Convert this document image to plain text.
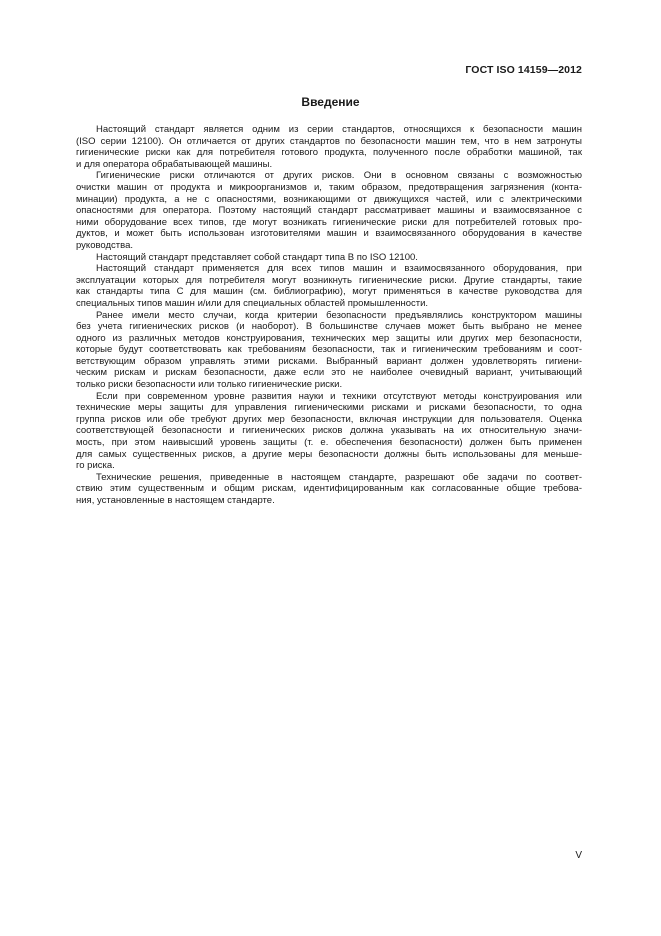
ГОСТ ISO 14159—2012
Введение
Настоящий стандарт является одним из серии стандартов, относящихся к безопасности машин
(ISO серии 12100). Он отличается от других стандартов по безопасности машин тем, что в нем затронуты
гигиенические риски как для потребителя готового продукта, полученного после обработки машиной, так
и для оператора обрабатывающей машины.
Гигиенические риски отличаются от других рисков. Они в основном связаны с возможностью
очистки машин от продукта и микроорганизмов и, таким образом, предотвращения загрязнения (конта-
минации) продукта, а не с опасностями, возникающими от движущихся частей, или с электрическими
опасностями для оператора. Поэтому настоящий стандарт рассматривает машины и взаимосвязанное с
ними оборудование всех типов, где могут возникать гигиенические риски для потребителей готовых про-
дуктов, и может быть использован изготовителями машин и взаимосвязанного оборудования в качестве
руководства.
Настоящий стандарт представляет собой стандарт типа В по ISO 12100.
Настоящий стандарт применяется для всех типов машин и взаимосвязанного оборудования, при
эксплуатации которых для потребителя могут возникнуть гигиенические риски. Другие стандарты, такие
как стандарты типа С для машин (см. библиографию), могут применяться в качестве руководства для
специальных типов машин и/или для специальных областей промышленности.
Ранее имели место случаи, когда критерии безопасности предъявлялись конструктором машины
без учета гигиенических рисков (и наоборот). В большинстве случаев может быть выбрано не менее
одного из различных методов конструирования, технических мер защиты или других мер безопасности,
которые будут соответствовать как требованиям безопасности, так и гигиеническим требованиям и соот-
ветствующим образом управлять этими рисками. Выбранный вариант должен удовлетворять гигиени-
ческим рискам и рискам безопасности, даже если это не наиболее очевидный вариант, учитывающий
только риски безопасности или только гигиенические риски.
Если при современном уровне развития науки и техники отсутствуют методы конструирования или
технические меры защиты для управления гигиеническими рисками и рисками безопасности, то одна
группа рисков или обе требуют других мер безопасности, включая инструкции для пользователя. Оценка
соответствующей безопасности и гигиенических рисков должна указывать на их относительную значи-
мость, при этом наивысший уровень защиты (т. е. обеспечения безопасности) должен быть применен
для самых существенных рисков, а другие меры безопасности должны быть использованы для меньше-
го риска.
Технические решения, приведенные в настоящем стандарте, разрешают обе задачи по соответ-
ствию этим существенным и общим рискам, идентифицированным как согласованные общие требова-
ния, установленные в настоящем стандарте.
V
